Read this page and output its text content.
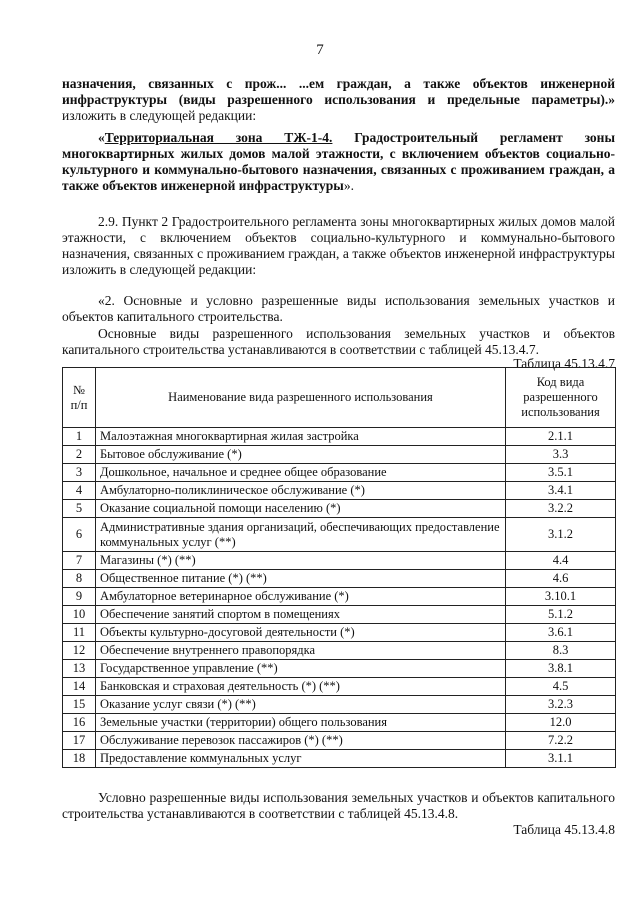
7
назначения, связанных с прож... ...ем граждан, а также объектов инженерной инфраструктуры (виды разрешенного использования и предельные параметры).» изложить в следующей редакции:
«Территориальная зона ТЖ-1-4. Градостроительный регламент зоны многоквартирных жилых домов малой этажности, с включением объектов социально-культурного и коммунально-бытового назначения, связанных с проживанием граждан, а также объектов инженерной инфраструктуры».
2.9. Пункт 2 Градостроительного регламента зоны многоквартирных жилых домов малой этажности, с включением объектов социально-культурного и коммунально-бытового назначения, связанных с проживанием граждан, а также объектов инженерной инфраструктуры изложить в следующей редакции:
«2. Основные и условно разрешенные виды использования земельных участков и объектов капитального строительства.
Основные виды разрешенного использования земельных участков и объектов капитального строительства устанавливаются в соответствии с таблицей 45.13.4.7.
Таблица 45.13.4.7
№ п/п	Наименование вида разрешенного использования	Код вида разрешенного использования
1	Малоэтажная многоквартирная жилая застройка	2.1.1
2	Бытовое обслуживание (*)	3.3
3	Дошкольное, начальное и среднее общее образование	3.5.1
4	Амбулаторно-поликлиническое обслуживание (*)	3.4.1
5	Оказание социальной помощи населению (*)	3.2.2
6	Административные здания организаций, обеспечивающих предоставление коммунальных услуг (**)	3.1.2
7	Магазины (*) (**)	4.4
8	Общественное питание (*) (**)	4.6
9	Амбулаторное ветеринарное обслуживание (*)	3.10.1
10	Обеспечение занятий спортом в помещениях	5.1.2
11	Объекты культурно-досуговой деятельности (*)	3.6.1
12	Обеспечение внутреннего правопорядка	8.3
13	Государственное управление (**)	3.8.1
14	Банковская и страховая деятельность (*) (**)	4.5
15	Оказание услуг связи (*) (**)	3.2.3
16	Земельные участки (территории) общего пользования	12.0
17	Обслуживание перевозок пассажиров (*) (**)	7.2.2
18	Предоставление коммунальных услуг	3.1.1
Условно разрешенные виды использования земельных участков и объектов капитального строительства устанавливаются в соответствии с таблицей 45.13.4.8.
Таблица 45.13.4.8
